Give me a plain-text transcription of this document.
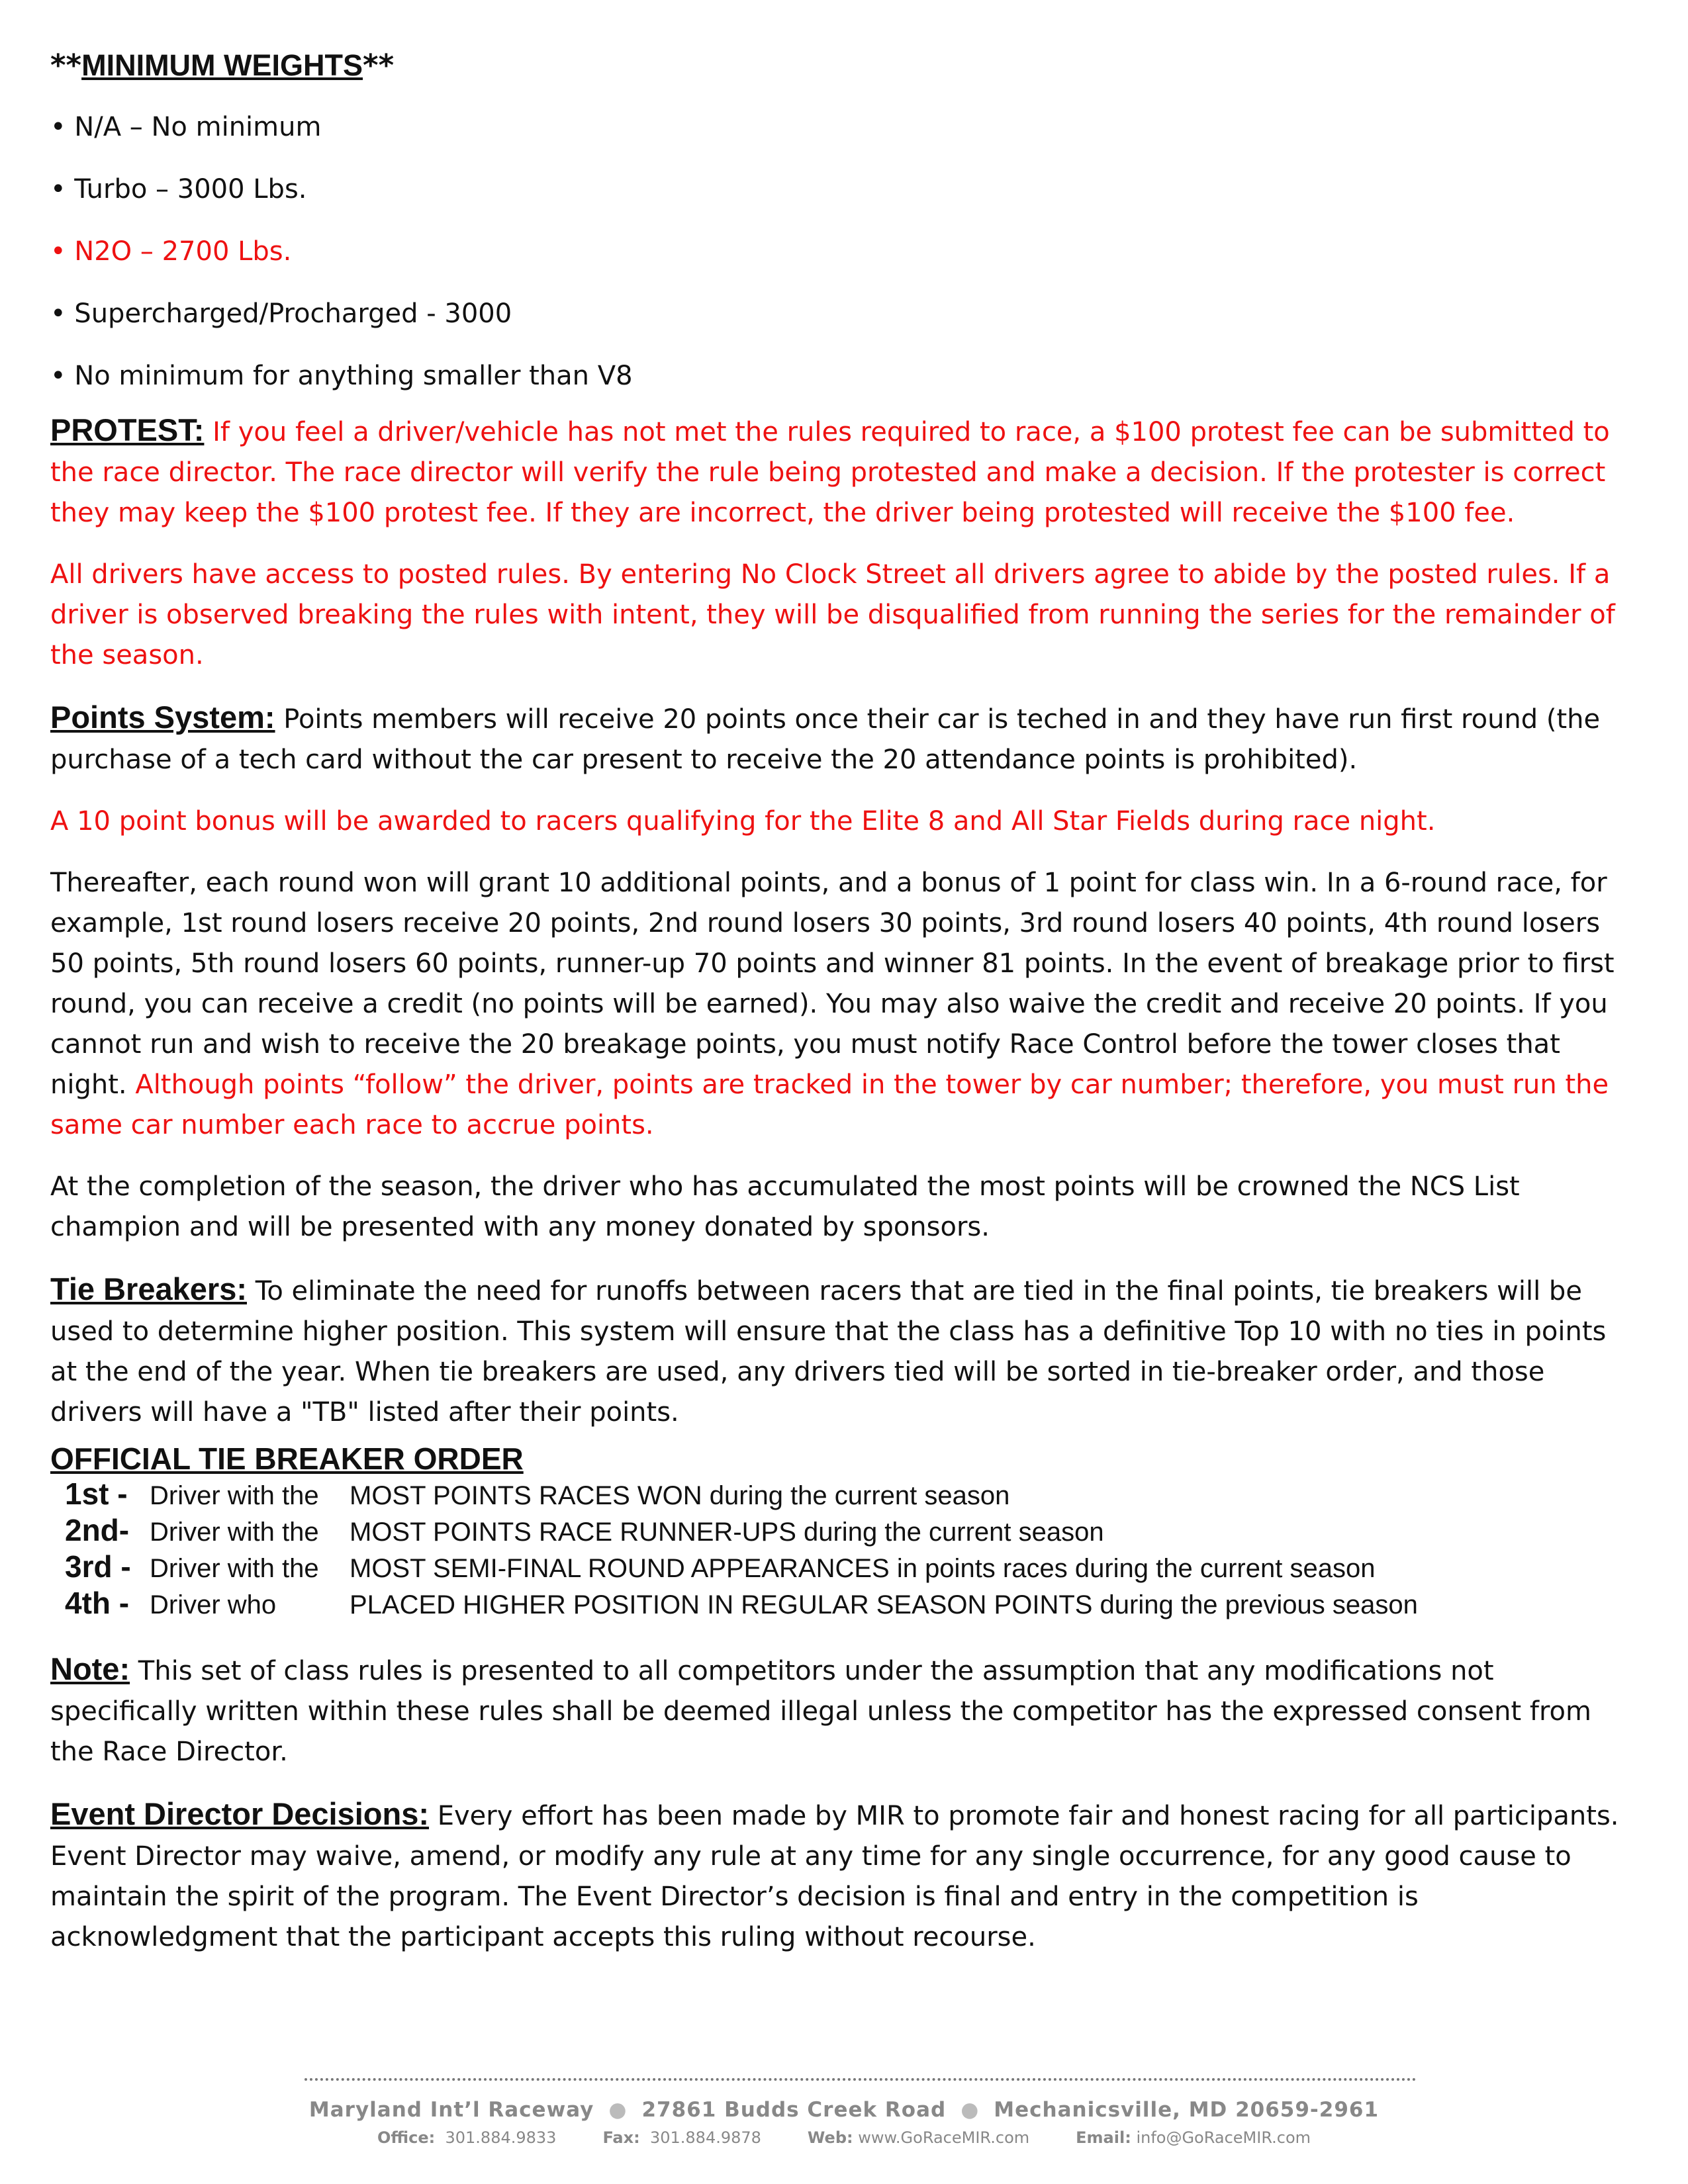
**MINIMUM WEIGHTS**

• N/A – No minimum

• Turbo – 3000 Lbs.

• N2O – 2700 Lbs.

• Supercharged/Procharged - 3000

• No minimum for anything smaller than V8

PROTEST: If you feel a driver/vehicle has not met the rules required to race, a $100 protest fee can be submitted to the race director. The race director will verify the rule being protested and make a decision. If the protester is correct they may keep the $100 protest fee. If they are incorrect, the driver being protested will receive the $100 fee.

All drivers have access to posted rules. By entering No Clock Street all drivers agree to abide by the posted rules. If a driver is observed breaking the rules with intent, they will be disqualified from running the series for the remainder of the season.

Points System: Points members will receive 20 points once their car is teched in and they have run first round (the purchase of a tech card without the car present to receive the 20 attendance points is prohibited).

A 10 point bonus will be awarded to racers qualifying for the Elite 8 and All Star Fields during race night.

Thereafter, each round won will grant 10 additional points, and a bonus of 1 point for class win. In a 6-round race, for example, 1st round losers receive 20 points, 2nd round losers 30 points, 3rd round losers 40 points, 4th round losers 50 points, 5th round losers 60 points, runner-up 70 points and winner 81 points. In the event of breakage prior to first round, you can receive a credit (no points will be earned). You may also waive the credit and receive 20 points. If you cannot run and wish to receive the 20 breakage points, you must notify Race Control before the tower closes that night. Although points “follow” the driver, points are tracked in the tower by car number; therefore, you must run the same car number each race to accrue points.

At the completion of the season, the driver who has accumulated the most points will be crowned the NCS List champion and will be presented with any money donated by sponsors.

Tie Breakers: To eliminate the need for runoffs between racers that are tied in the final points, tie breakers will be used to determine higher position. This system will ensure that the class has a definitive Top 10 with no ties in points at the end of the year. When tie breakers are used, any drivers tied will be sorted in tie-breaker order, and those drivers will have a "TB" listed after their points.

OFFICIAL TIE BREAKER ORDER

1st - Driver with the	MOST POINTS RACES WON during the current season
2nd- Driver with the	MOST POINTS RACE RUNNER-UPS during the current season
3rd - Driver with the	MOST SEMI-FINAL ROUND APPEARANCES in points races during the current season
4th - Driver who	PLACED HIGHER POSITION IN REGULAR SEASON POINTS during the previous season

Note: This set of class rules is presented to all competitors under the assumption that any modifications not specifically written within these rules shall be deemed illegal unless the competitor has the expressed consent from the Race Director.

Event Director Decisions: Every effort has been made by MIR to promote fair and honest racing for all participants. Event Director may waive, amend, or modify any rule at any time for any single occurrence, for any good cause to maintain the spirit of the program. The Event Director’s decision is final and entry in the competition is acknowledgment that the participant accepts this ruling without recourse.

Maryland Int’l Raceway ● 27861 Budds Creek Road ● Mechanicsville, MD 20659-2961
Office: 301.884.9833	Fax: 301.884.9878	Web: www.GoRaceMIR.com	Email: info@GoRaceMIR.com
